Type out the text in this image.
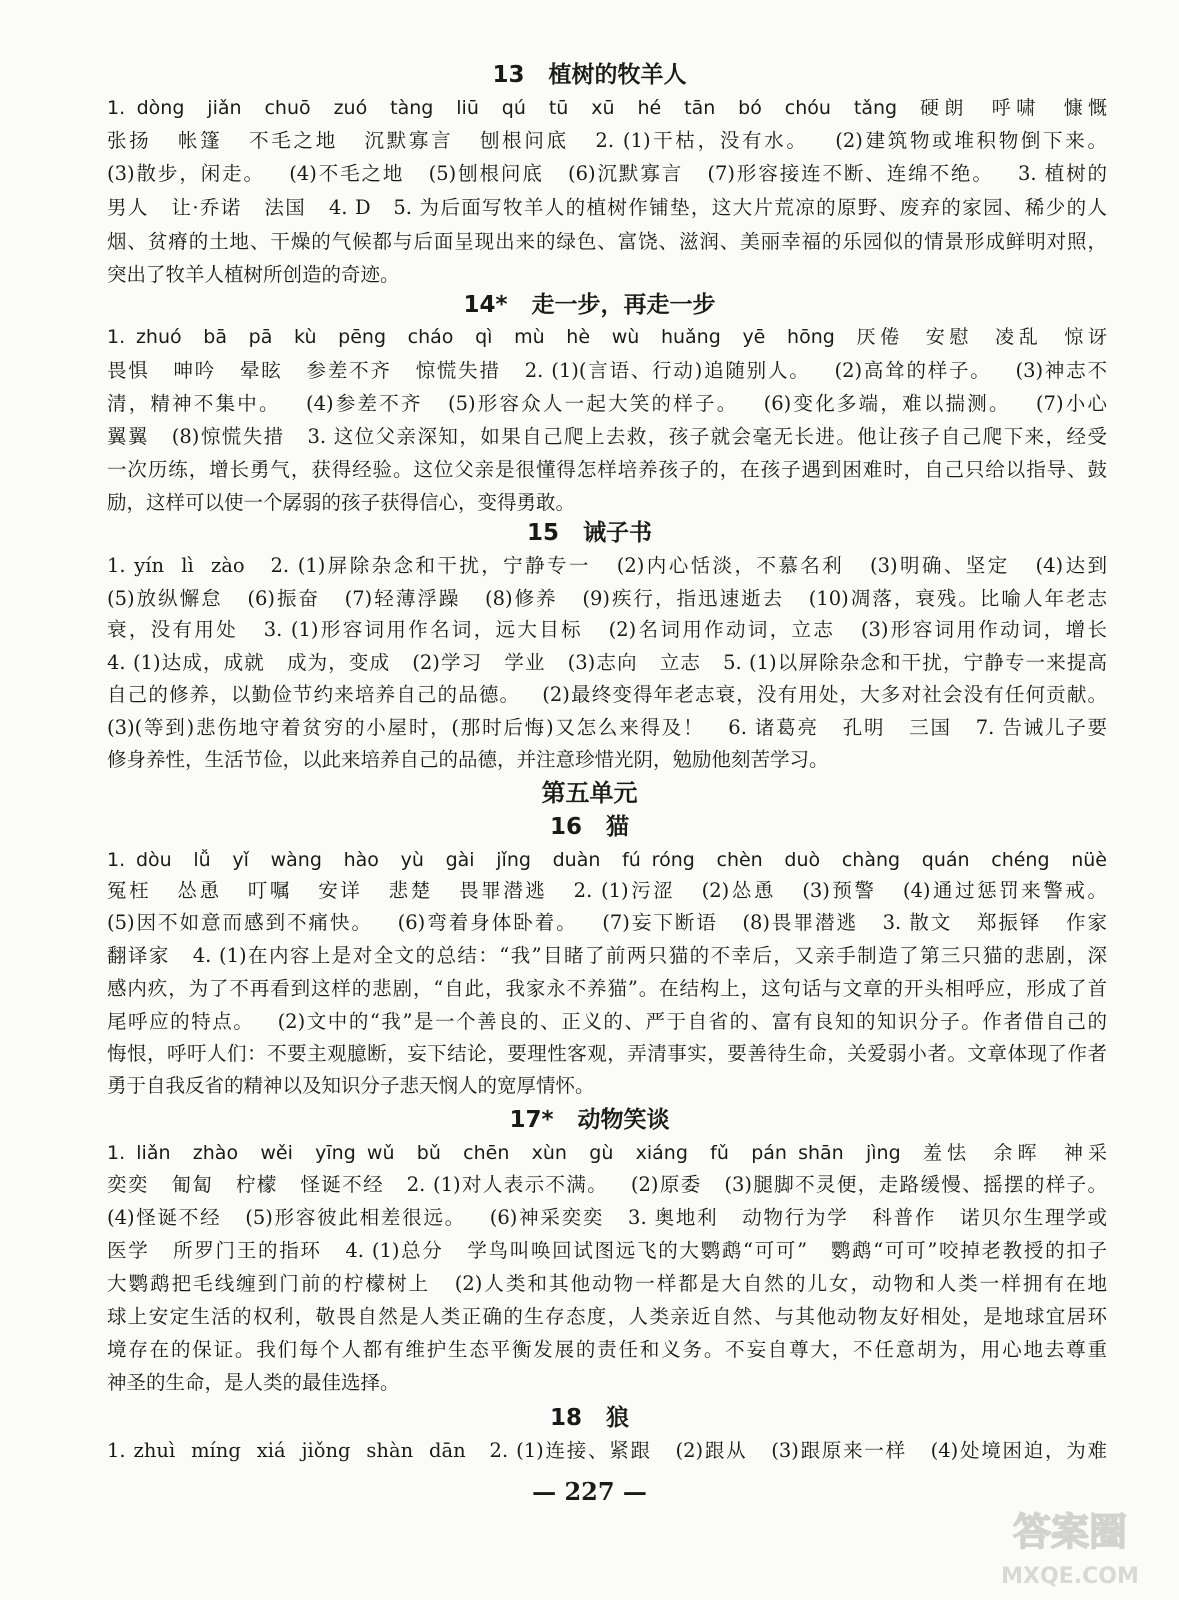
13   植树的牧羊人
1. dòng  jiǎn  chuō  zuó  tàng  liū  qú  tū  xū  hé  tān  bó  chóu  tǎng  硬朗  呼啸  慷慨
张扬   帐篷   不毛之地   沉默寡言   刨根问底   2. (1)干枯，没有水。   (2)建筑物或堆积物倒下来。
(3)散步，闲走。   (4)不毛之地   (5)刨根问底   (6)沉默寡言   (7)形容接连不断、连绵不绝。   3. 植树的
男人   让·乔诺   法国   4. D   5. 为后面写牧羊人的植树作铺垫，这大片荒凉的原野、废弃的家园、稀少的人
烟、贫瘠的土地、干燥的气候都与后面呈现出来的绿色、富饶、滋润、美丽幸福的乐园似的情景形成鲜明对照，
突出了牧羊人植树所创造的奇迹。
14*   走一步，再走一步
1. zhuó  bā  pā  kù  pēng  cháo  qì  mù  hè  wù  huǎng  yē  hōng  厌倦  安慰  凌乱  惊讶
畏惧   呻吟   晕眩   参差不齐   惊慌失措   2. (1)(言语、行动)追随别人。   (2)高耸的样子。   (3)神志不
清，精神不集中。   (4)参差不齐   (5)形容众人一起大笑的样子。   (6)变化多端，难以揣测。   (7)小心
翼翼   (8)惊慌失措   3. 这位父亲深知，如果自己爬上去救，孩子就会毫无长进。他让孩子自己爬下来，经受
一次历练，增长勇气，获得经验。这位父亲是很懂得怎样培养孩子的，在孩子遇到困难时，自己只给以指导、鼓
励，这样可以使一个孱弱的孩子获得信心，变得勇敢。
15   诫子书
1. yín  lì  zào   2. (1)屏除杂念和干扰，宁静专一   (2)内心恬淡，不慕名利   (3)明确、坚定   (4)达到
(5)放纵懈怠   (6)振奋   (7)轻薄浮躁   (8)修养   (9)疾行，指迅速逝去   (10)凋落，衰残。比喻人年老志
衰，没有用处   3. (1)形容词用作名词，远大目标   (2)名词用作动词，立志   (3)形容词用作动词，增长
4. (1)达成，成就   成为，变成   (2)学习   学业   (3)志向   立志   5. (1)以屏除杂念和干扰，宁静专一来提高
自己的修养，以勤俭节约来培养自己的品德。   (2)最终变得年老志衰，没有用处，大多对社会没有任何贡献。
(3)(等到)悲伤地守着贫穷的小屋时，(那时后悔)又怎么来得及！   6. 诸葛亮   孔明   三国   7. 告诫儿子要
修身养性，生活节俭，以此来培养自己的品德，并注意珍惜光阴，勉励他刻苦学习。
第五单元
16   猫
1. dòu  lǚ  yǐ  wàng  hào  yù  gài  jǐng  duàn  fú róng  chèn  duò  chàng  quán  chéng  nüè
冤枉   怂恿   叮嘱   安详   悲楚   畏罪潜逃   2. (1)污涩   (2)怂恿   (3)预警   (4)通过惩罚来警戒。
(5)因不如意而感到不痛快。   (6)弯着身体卧着。   (7)妄下断语   (8)畏罪潜逃   3. 散文   郑振铎   作家
翻译家   4. (1)在内容上是对全文的总结：“我”目睹了前两只猫的不幸后，又亲手制造了第三只猫的悲剧，深
感内疚，为了不再看到这样的悲剧，“自此，我家永不养猫”。在结构上，这句话与文章的开头相呼应，形成了首
尾呼应的特点。   (2)文中的“我”是一个善良的、正义的、严于自省的、富有良知的知识分子。作者借自己的
悔恨，呼吁人们：不要主观臆断，妄下结论，要理性客观，弄清事实，要善待生命，关爱弱小者。文章体现了作者
勇于自我反省的精神以及知识分子悲天悯人的宽厚情怀。
17*   动物笑谈
1. liǎn  zhào  wěi  yīng wǔ  bǔ  chēn  xùn  gù  xiáng  fǔ  pán shān  jìng  羞怯  余晖  神采
奕奕   匍匐   柠檬   怪诞不经   2. (1)对人表示不满。   (2)原委   (3)腿脚不灵便，走路缓慢、摇摆的样子。
(4)怪诞不经   (5)形容彼此相差很远。   (6)神采奕奕   3. 奥地利   动物行为学   科普作   诺贝尔生理学或
医学   所罗门王的指环   4. (1)总分   学鸟叫唤回试图远飞的大鹦鹉“可可”   鹦鹉“可可”咬掉老教授的扣子
大鹦鹉把毛线缠到门前的柠檬树上   (2)人类和其他动物一样都是大自然的儿女，动物和人类一样拥有在地
球上安定生活的权利，敬畏自然是人类正确的生存态度，人类亲近自然、与其他动物友好相处，是地球宜居环
境存在的保证。我们每个人都有维护生态平衡发展的责任和义务。不妄自尊大，不任意胡为，用心地去尊重
神圣的生命，是人类的最佳选择。
18   狼
1. zhuì  míng  xiá  jiǒng  shàn  dān   2. (1)连接、紧跟   (2)跟从   (3)跟原来一样   (4)处境困迫，为难
— 227 —
答案圈
MXQE.COM
